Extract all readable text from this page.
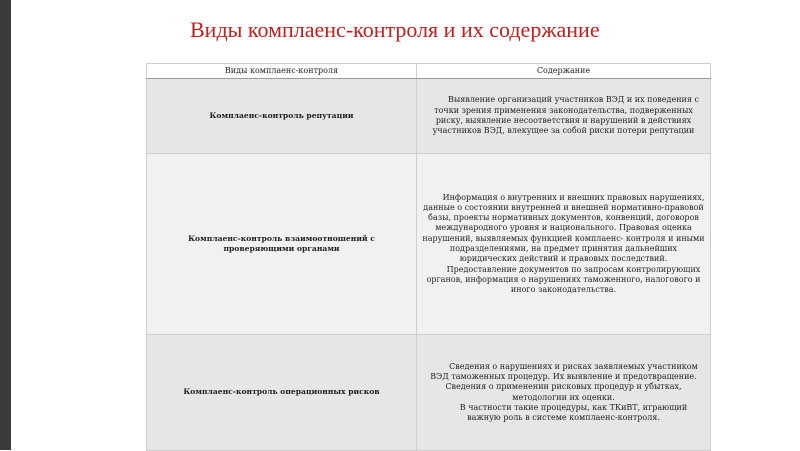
Виды комплаенс-контроля и их содержание
Виды комплаенс-контроля	Содержание
Комплаенс-контроль репутации	Выявление организаций участников ВЭД и их поведения с точки зрения применения законодательства, подверженных риску, выявление несоответствия и нарушений в действиях участников ВЭД, влекущее за собой риски потери репутации

Комплаенс-контроль взаимоотношений с проверяющими органами	Информация о внутренних и внешних правовых нарушениях, данные о состоянии внутренней и внешней нормативно-правовой базы, проекты нормативных документов, конвенций, договоров международного уровня и национального. Правовая оценка нарушений, выявляемых функцией комплаенс- контроля и иными подразделениями, на предмет принятия дальнейших юридических действий и правовых последствий.

Предоставление документов по запросам контролирующих органов, информация о нарушениях таможенного, налогового и иного законодательства.

Комплаенс-контроль операционных рисков	Сведения о нарушениях и рисках заявляемых участником ВЭД таможенных процедур. Их выявление и предотвращение. Сведения о применении рисковых процедур и убытках, методологии их оценки.

В частности такие процедуры, как ТКиВТ, играющий важную роль в системе комплаенс-контроля.
